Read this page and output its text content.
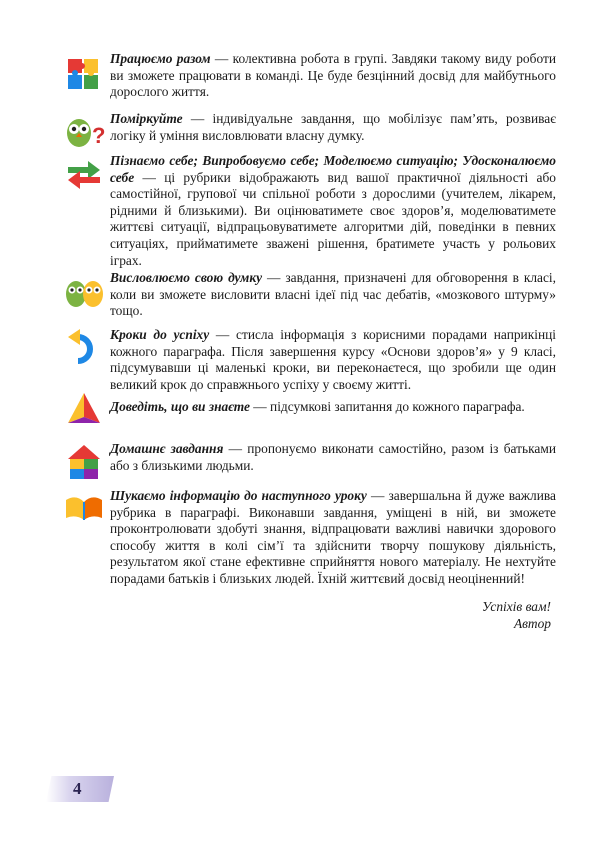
Працюємо разом — колективна робота в групі. Завдяки такому виду роботи ви зможете працювати в команді. Це буде безцінний досвід для майбутнього дорослого життя.
?
Поміркуйте — індивідуальне завдання, що мобілізує пам’ять, розвиває логіку й уміння висловлювати власну думку.
Пізнаємо себе; Випробовуємо себе; Моделюємо ситуацію; Удосконалюємо себе — ці рубрики відображають вид вашої практичної діяльності або самостійної, групової чи спільної роботи з дорослими (учителем, лікарем, рідними й близькими). Ви оцінюватимете своє здоров’я, моделюватимете життєві ситуації, відпрацьовуватимете алгоритми дій, поведінки в певних ситуаціях, прийматимете зважені рішення, братимете участь у рольових іграх.
Висловлюємо свою думку — завдання, призначені для обговорення в класі, коли ви зможете висловити власні ідеї під час дебатів, «мозкового штурму» тощо.
Кроки до успіху — стисла інформація з корисними порадами наприкінці кожного параграфа. Після завершення курсу «Основи здоров’я» у 9 класі, підсумувавши ці маленькі кроки, ви переконаєтеся, що зробили ще один великий крок до справжнього успіху у своєму житті.
Доведіть, що ви знаєте — підсумкові запитання до кожного параграфа.
Домашнє завдання — пропонуємо виконати самостійно, разом із батьками або з близькими людьми.
Шукаємо інформацію до наступного уроку — завершальна й дуже важлива рубрика в параграфі. Виконавши завдання, уміщені в ній, ви зможете проконтролювати здобуті знання, відпрацювати важливі навички здорового способу життя в колі сім’ї та здійснити творчу пошукову діяльність, результатом якої стане ефективне сприйняття нового матеріалу. Не нехтуйте порадами батьків і близьких людей. Їхній життєвий досвід неоціненний!
Успіхів вам!
Автор
4
